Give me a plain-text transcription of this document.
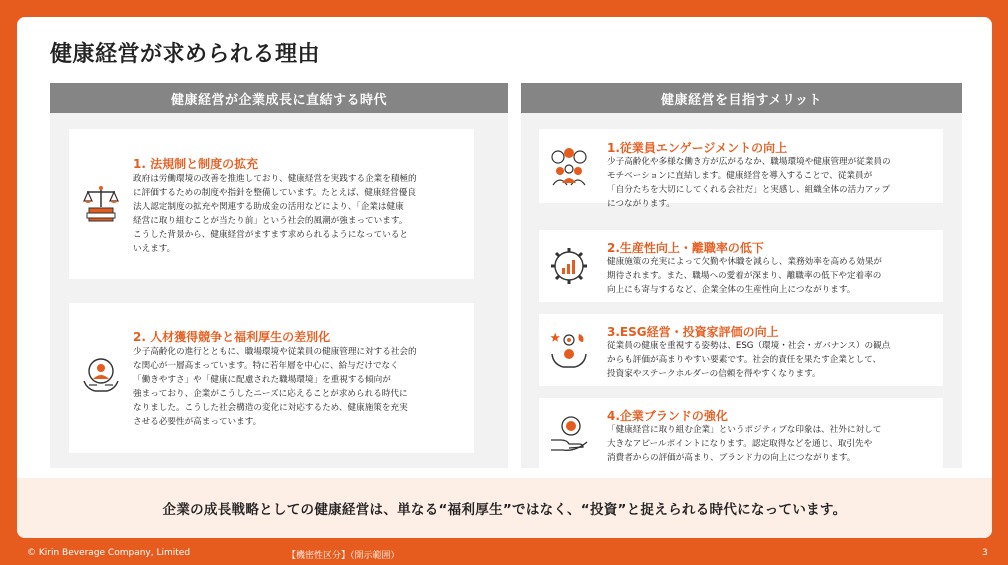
健康経営が求められる理由
健康経営が企業成長に直結する時代
1. 法規制と制度の拡充
政府は労働環境の改善を推進しており、健康経営を実践する企業を積極的
に評価するための制度や指針を整備しています。たとえば、健康経営優良
法人認定制度の拡充や関連する助成金の活用などにより、「企業は健康
経営に取り組むことが当たり前」という社会的風潮が強まっています。
こうした背景から、健康経営がますます求められるようになっていると
いえます。
2. 人材獲得競争と福利厚生の差別化
少子高齢化の進行とともに、職場環境や従業員の健康管理に対する社会的
な関心が一層高まっています。特に若年層を中心に、給与だけでなく
「働きやすさ」や「健康に配慮された職場環境」を重視する傾向が
強まっており、企業がこうしたニーズに応えることが求められる時代に
なりました。こうした社会構造の変化に対応するため、健康施策を充実
させる必要性が高まっています。
健康経営を目指すメリット
1.従業員エンゲージメントの向上
少子高齢化や多様な働き方が広がるなか、職場環境や健康管理が従業員の
モチベーションに直結します。健康経営を導入することで、従業員が
「自分たちを大切にしてくれる会社だ」と実感し、組織全体の活力アップ
につながります。
2.生産性向上・離職率の低下
健康施策の充実によって欠勤や休職を減らし、業務効率を高める効果が
期待されます。また、職場への愛着が深まり、離職率の低下や定着率の
向上にも寄与するなど、企業全体の生産性向上につながります。
3.ESG経営・投資家評価の向上
従業員の健康を重視する姿勢は、ESG（環境・社会・ガバナンス）の観点
からも評価が高まりやすい要素です。社会的責任を果たす企業として、
投資家やステークホルダーの信頼を得やすくなります。
4.企業ブランドの強化
「健康経営に取り組む企業」というポジティブな印象は、社外に対して
大きなアピールポイントになります。認定取得などを通じ、取引先や
消費者からの評価が高まり、ブランド力の向上につながります。
企業の成長戦略としての健康経営は、単なる“福利厚生”ではなく、“投資”と捉えられる時代になっています。
© Kirin Beverage Company, Limited	【機密性区分】（開示範囲）	3
